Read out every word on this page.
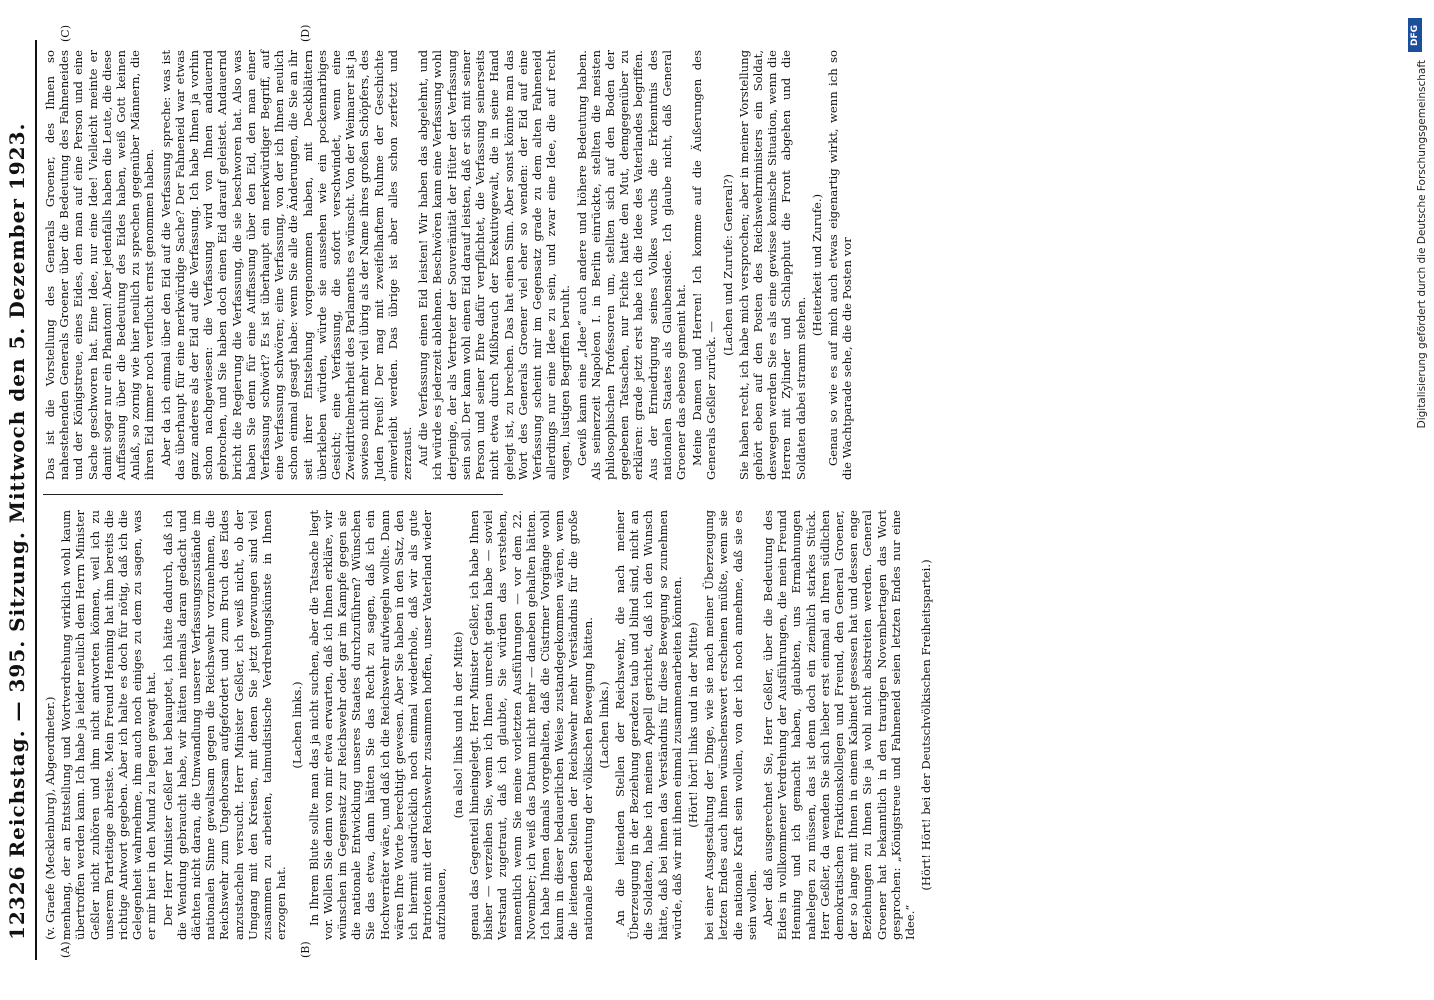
12326
Reichstag. — 395. Sitzung. Mittwoch den 5. Dezember 1923.
(A)	(B)
(C)	(D)

(v. Graefe (Mecklenburg), Abgeordneter.) menhang, der an Entstellung und Wortverdrehung wirklich wohl kaum übertroffen werden kann. Ich habe ja leider neulich dem Herrn Minister Geßler nicht zuhören und ihm nicht antworten können, weil ich zu unserem Parteitage abreiste. Mein Freund Henning hat ihm bereits die richtige Antwort gegeben. Aber ich halte es doch für nötig, daß ich die Gelegenheit wahrnehme, ihm auch noch einiges zu dem zu sagen, was er mir hier in den Mund zu legen gewagt hat. Der Herr Minister Geßler hat behauptet, ich hätte dadurch, daß ich die Wendung gebraucht habe, wir hätten niemals daran gedacht und dächten nicht daran, die Umwandlung unserer Verfassungszustände im nationalen Sinne gewaltsam gegen die Reichswehr vorzunehmen, die Reichswehr zum Ungehorsam aufgefordert und zum Bruch des Eides anzustacheln versucht. Herr Minister Geßler, ich weiß nicht, ob der Umgang mit den Kreisen, mit denen Sie jetzt gezwungen sind viel zusammen zu arbeiten, talmudistische Verdrehungskünste in Ihnen erzogen hat.

(Lachen links.) In Ihrem Blute sollte man das ja nicht suchen, aber die Tatsache liegt vor. Wollen Sie denn von mir etwa erwarten, daß ich Ihnen erkläre, wir wünschen im Gegensatz zur Reichswehr oder gar im Kampfe gegen sie die nationale Entwicklung unseres Staates durchzuführen? Wünschen Sie das etwa, dann hätten Sie das Recht zu sagen, daß ich ein Hochverräter wäre, und daß ich die Reichswehr aufwiegeln wollte. Dann wären Ihre Worte berechtigt gewesen. Aber Sie haben in den Satz, den ich hiermit ausdrücklich noch einmal wiederhole, daß wir als gute Patrioten mit der Reichswehr zusammen hoffen, unser Vaterland wieder aufzubauen,

(na also! links und in der Mitte) genau das Gegenteil hineingelegt. Herr Minister Geßler, ich habe Ihnen bisher — verzeihen Sie, wenn ich Ihnen unrecht getan habe — soviel Verstand zugetraut, daß ich glaubte, Sie würden das verstehen, namentlich wenn Sie meine vorletzten Ausführungen — vor dem 22. November; ich weiß das Datum nicht mehr — daneben gehalten hätten. Ich habe Ihnen damals vorgehalten, daß die Cüstriner Vorgänge wohl kaum in dieser bedauerlichen Weise zustandegekommen wären, wenn die leitenden Stellen der Reichswehr mehr Verständnis für die große nationale Bedeutung der völkischen Bewegung hätten. (Lachen links.) An die leitenden Stellen der Reichswehr, die nach meiner Überzeugung in der Beziehung geradezu taub und blind sind, nicht an die Soldaten, habe ich meinen Appell gerichtet, daß ich den Wunsch hätte, daß bei ihnen das Verständnis für diese Bewegung so zunehmen würde, daß wir mit ihnen einmal zusammenarbeiten könnten. (Hört! hört! links und in der Mitte) bei einer Ausgestaltung der Dinge, wie sie nach meiner Überzeugung letzten Endes auch ihnen wünschenswert erscheinen müßte, wenn sie die nationale Kraft sein wollen, von der ich noch annehme, daß sie es sein wollen. Aber daß ausgerechnet Sie, Herr Geßler, über die Bedeutung des Eides in vollkommener Verdrehung der Ausführungen, die mein Freund Henning und ich gemacht haben, glaubten, uns Ermahnungen nahelegen zu müssen, das ist denn doch ein ziemlich starkes Stück. Herr Geßler, da wenden Sie sich lieber erst einmal an Ihren südlichen demokratischen Fraktionskollegen und Freund, den General Groener, der so lange mit Ihnen in einem Kabinett gesessen hat und dessen enge Beziehungen zu Ihnen Sie ja wohl nicht abstreiten werden. General Groener hat bekanntlich in den traurigen Novembertagen das Wort gesprochen: „Königstreue und Fahneneid seien letzten Endes nur eine Idee.“

(Hört! Hört! bei der Deutschvölkischen Freiheitspartei.)

Das ist die Vorstellung des Generals Groener, des Ihnen so nahestehenden Generals Groener über die Bedeutung des Fahneneides und der Königstreue, eines Eides, den man auf eine Person und eine Sache geschworen hat. Eine Idee, nur eine Idee! Vielleicht meinte er damit sogar nur ein Phantom! Aber jedenfalls haben die Leute, die diese Auffassung über die Bedeutung des Eides haben, weiß Gott keinen Anlaß, so zornig wie hier neulich zu sprechen gegenüber Männern, die ihren Eid immer noch verflucht ernst genommen haben. Aber da ich einmal über den Eid auf die Verfassung spreche: was ist das überhaupt für eine merkwürdige Sache? Der Fahneneid war etwas ganz anderes als der Eid auf die Verfassung. Ich habe Ihnen ja vorhin schon nachgewiesen: die Verfassung wird von Ihnen andauernd gebrochen, und Sie haben doch einen Eid darauf geleistet. Andauernd bricht die Regierung die Verfassung, die sie beschworen hat. Also was haben Sie denn für eine Auffassung über den Eid, den man einer Verfassung schwört? Es ist überhaupt ein merkwürdiger Begriff, auf eine Verfassung schwören; eine Verfassung, von der ich Ihnen neulich schon einmal gesagt habe: wenn Sie alle die Änderungen, die Sie an ihr seit ihrer Entstehung vorgenommen haben, mit Deckblättern überkleben würden, würde sie aussehen wie ein pockennarbiges Gesicht; eine Verfassung, die sofort verschwindet, wenn eine Zweidrittelmehrheit des Parlaments es wünscht. Von der Weimarer ist ja sowieso nicht mehr viel übrig als der Name ihres großen Schöpfers, des Juden Preuß! Der mag mit zweifelhaftem Ruhme der Geschichte einverleibt werden. Das übrige ist aber alles schon zerfetzt und zerzaust. Auf die Verfassung einen Eid leisten! Wir haben das abgelehnt, und ich würde es jederzeit ablehnen. Beschwören kann eine Verfassung wohl derjenige, der als Vertreter der Souveränität der Hüter der Verfassung sein soll. Der kann wohl einen Eid darauf leisten, daß er sich mit seiner Person und seiner Ehre dafür verpflichtet, die Verfassung seinerseits nicht etwa durch Mißbrauch der Exekutivgewalt, die in seine Hand gelegt ist, zu brechen. Das hat einen Sinn. Aber sonst könnte man das Wort des Generals Groener viel eher so wenden: der Eid auf eine Verfassung scheint mir im Gegensatz grade zu dem alten Fahneneid allerdings nur eine Idee zu sein, und zwar eine Idee, die auf recht vagen, lustigen Begriffen beruht. Gewiß kann eine „Idee“ auch andere und höhere Bedeutung haben. Als seinerzeit Napoleon I. in Berlin einrückte, stellten die meisten philosophischen Professoren um, stellten sich auf den Boden der gegebenen Tatsachen, nur Fichte hatte den Mut, demgegenüber zu erklären: grade jetzt erst habe ich die Idee des Vaterlandes begriffen. Aus der Erniedrigung seines Volkes wuchs die Erkenntnis des nationalen Staates als Glaubensidee. Ich glaube nicht, daß General Groener das ebenso gemeint hat. Meine Damen und Herren! Ich komme auf die Äußerungen des Generals Geßler zurück. —

(Lachen und Zurufe: General?) Sie haben recht, ich habe mich versprochen; aber in meiner Vorstellung gehört eben auf den Posten des Reichswehrministers ein Soldat, deswegen werden Sie es als eine gewisse komische Situation, wenn die Herren mit Zylinder und Schlapphut die Front abgehen und die Soldaten dabei stramm stehen.

(Heiterkeit und Zurufe.) Genau so wie es auf mich auch etwas eigenartig wirkt, wenn ich so die Wachtparade sehe, die die Posten vor

DFG
Digitalisierung gefördert durch die Deutsche Forschungsgemeinschaft
